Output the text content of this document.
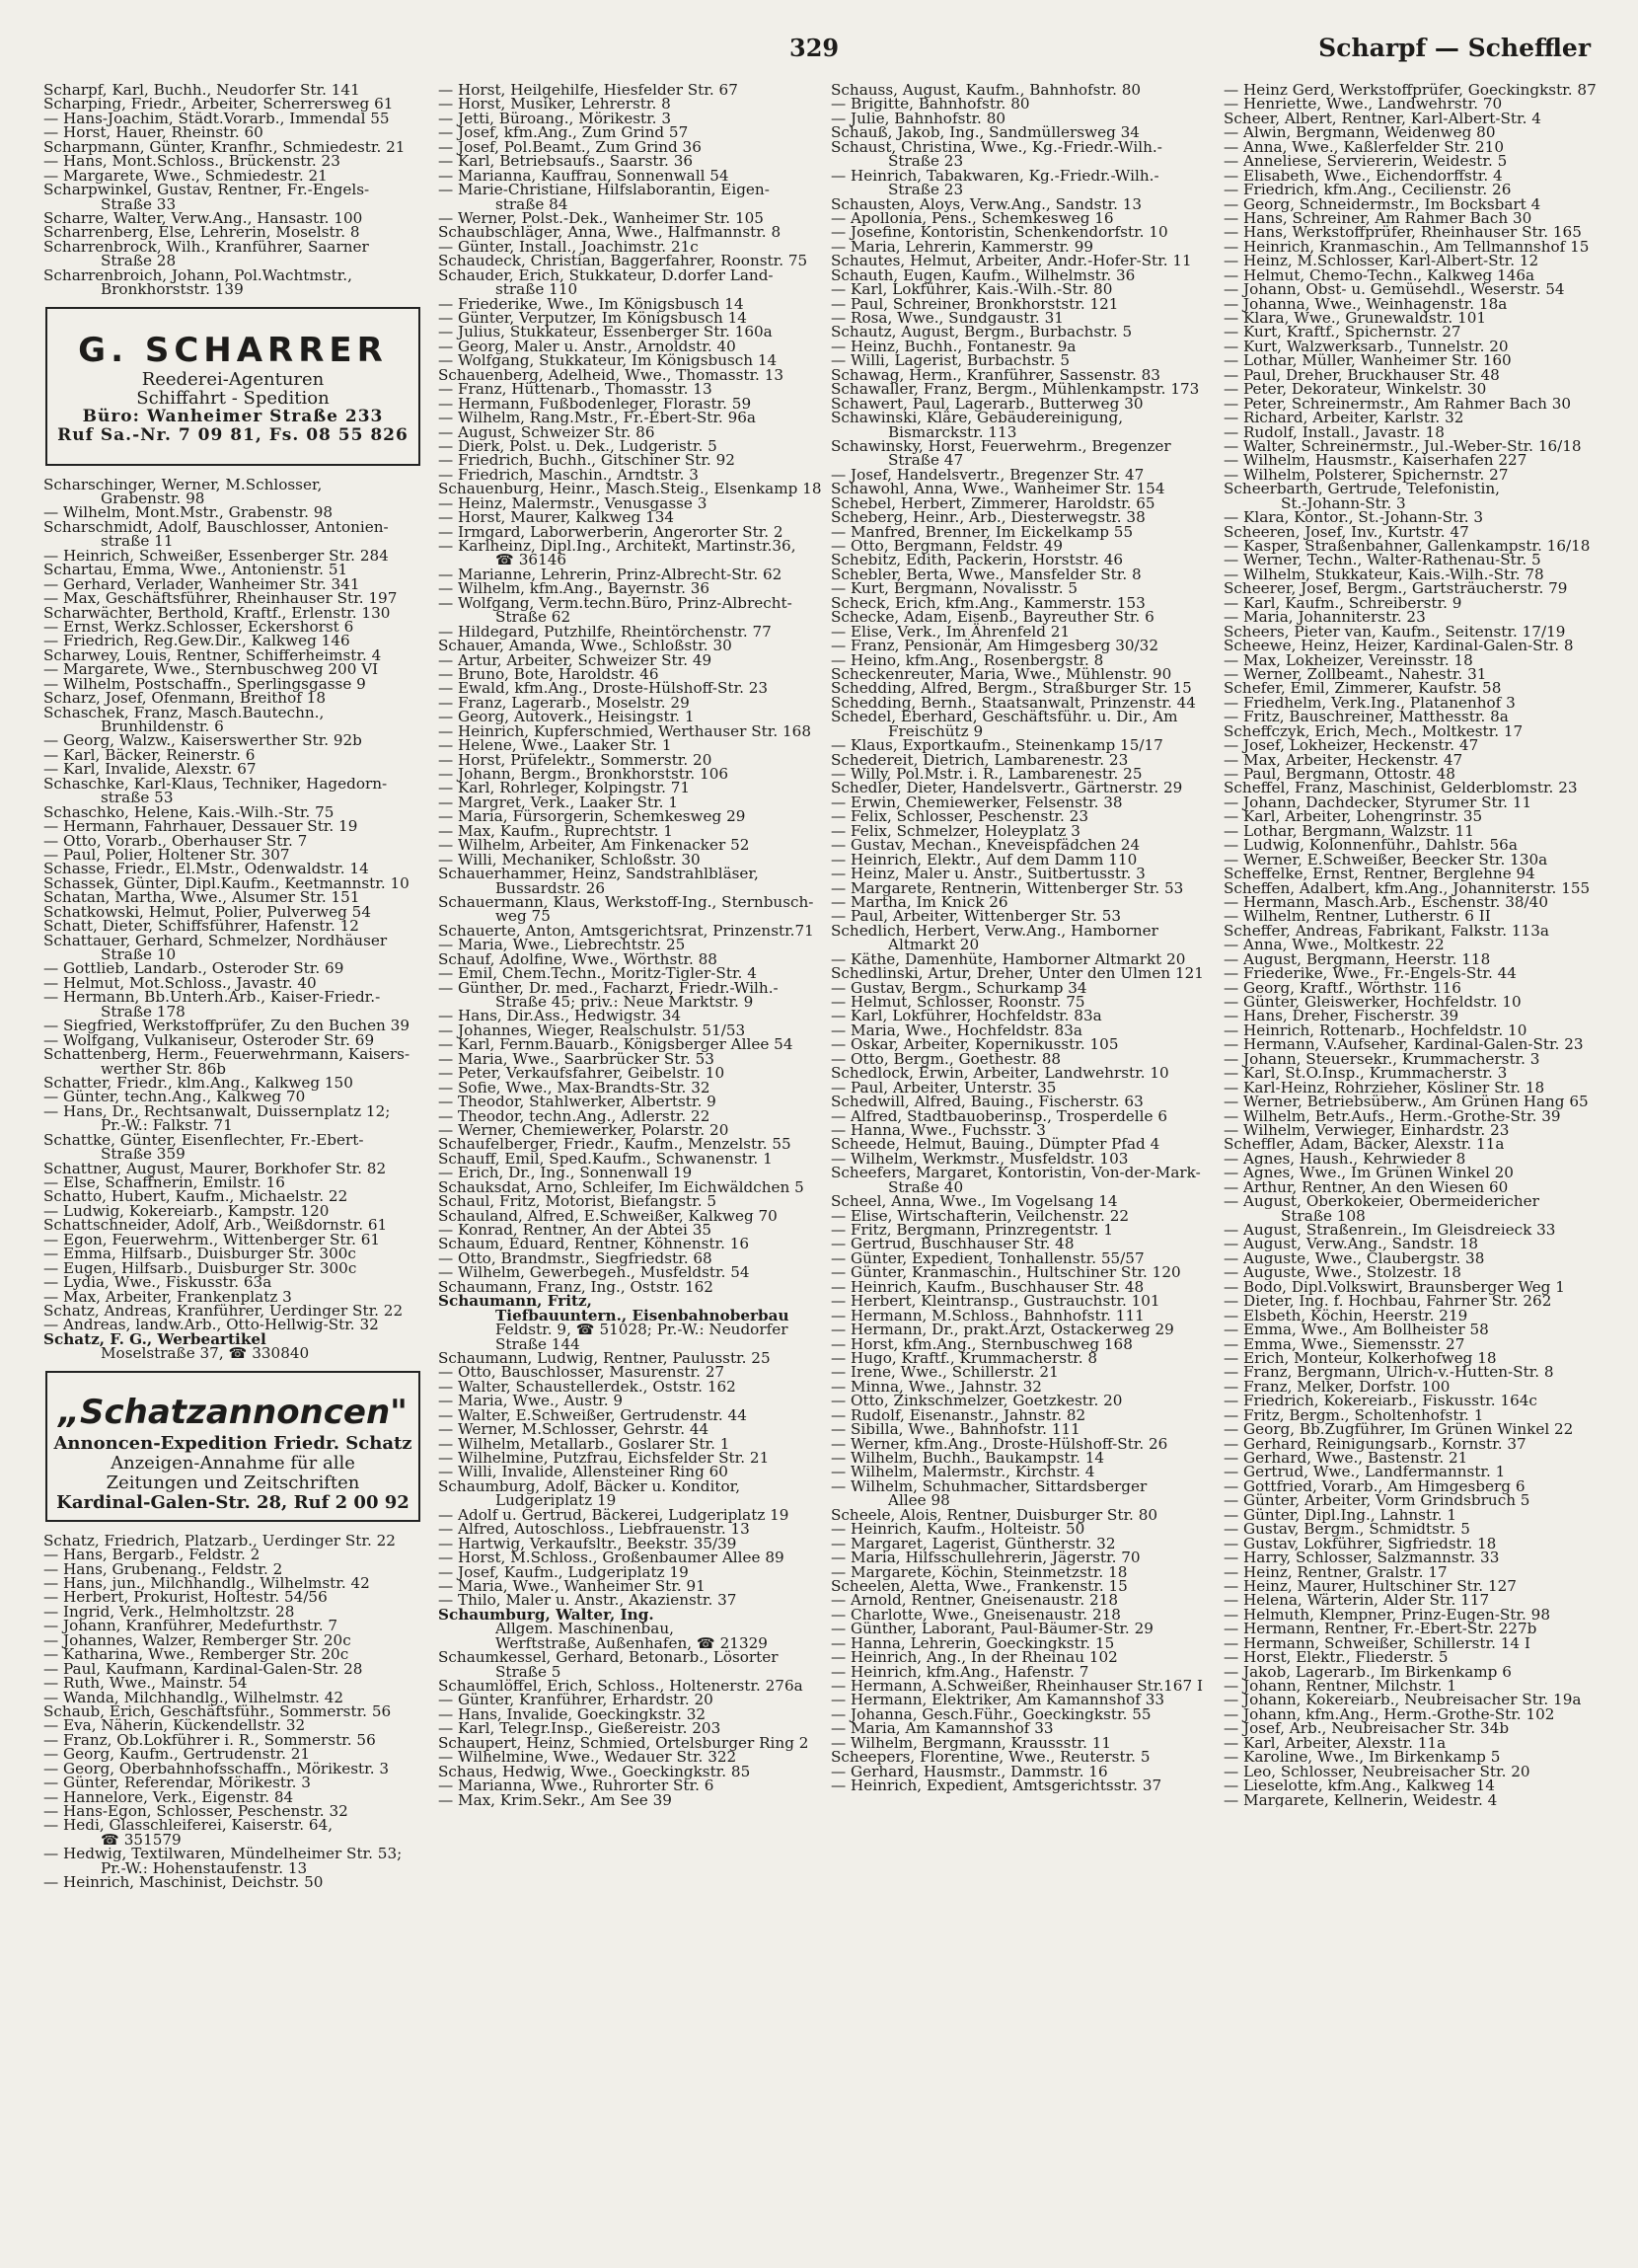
329	Scharpf — Scheffler
Scharpf, Karl, Buchh., Neudorfer Str. 141
Scharping, Friedr., Arbeiter, Scherrersweg 61
— Hans-Joachim, Städt.Vorarb., Immendal 55
— Horst, Hauer, Rheinstr. 60
Scharpmann, Günter, Kranfhr., Schmiedestr. 21
— Hans, Mont.Schloss., Brückenstr. 23
— Margarete, Wwe., Schmiedestr. 21
Scharpwinkel, Gustav, Rentner, Fr.-Engels-
Straße 33
Scharre, Walter, Verw.Ang., Hansastr. 100
Scharrenberg, Else, Lehrerin, Moselstr. 8
Scharrenbrock, Wilh., Kranführer, Saarner
Straße 28
Scharrenbroich, Johann, Pol.Wachtmstr.,
Bronkhorststr. 139
G. SCHARRER
Reederei-Agenturen
Schiffahrt - Spedition
Büro: Wanheimer Straße 233
Ruf Sa.-Nr. 7 09 81, Fs. 08 55 826
Scharschinger, Werner, M.Schlosser,
Grabenstr. 98
— Wilhelm, Mont.Mstr., Grabenstr. 98
Scharschmidt, Adolf, Bauschlosser, Antonien-
straße 11
— Heinrich, Schweißer, Essenberger Str. 284
Schartau, Emma, Wwe., Antonienstr. 51
— Gerhard, Verlader, Wanheimer Str. 341
— Max, Geschäftsführer, Rheinhauser Str. 197
Scharwächter, Berthold, Kraftf., Erlenstr. 130
— Ernst, Werkz.Schlosser, Eckershorst 6
— Friedrich, Reg.Gew.Dir., Kalkweg 146
Scharwey, Louis, Rentner, Schifferheimstr. 4
— Margarete, Wwe., Sternbuschweg 200 VI
— Wilhelm, Postschaffn., Sperlingsgasse 9
Scharz, Josef, Ofenmann, Breithof 18
Schaschek, Franz, Masch.Bautechn.,
Brunhildenstr. 6
— Georg, Walzw., Kaiserswerther Str. 92b
— Karl, Bäcker, Reinerstr. 6
— Karl, Invalide, Alexstr. 67
Schaschke, Karl-Klaus, Techniker, Hagedorn-
straße 53
Schaschko, Helene, Kais.-Wilh.-Str. 75
— Hermann, Fahrhauer, Dessauer Str. 19
— Otto, Vorarb., Oberhauser Str. 7
— Paul, Polier, Holtener Str. 307
Schasse, Friedr., El.Mstr., Odenwaldstr. 14
Schassek, Günter, Dipl.Kaufm., Keetmannstr. 10
Schatan, Martha, Wwe., Alsumer Str. 151
Schatkowski, Helmut, Polier, Pulverweg 54
Schatt, Dieter, Schiffsführer, Hafenstr. 12
Schattauer, Gerhard, Schmelzer, Nordhäuser
Straße 10
— Gottlieb, Landarb., Osteroder Str. 69
— Helmut, Mot.Schloss., Javastr. 40
— Hermann, Bb.Unterh.Arb., Kaiser-Friedr.-
Straße 178
— Siegfried, Werkstoffprüfer, Zu den Buchen 39
— Wolfgang, Vulkaniseur, Osteroder Str. 69
Schattenberg, Herm., Feuerwehrmann, Kaisers-
werther Str. 86b
Schatter, Friedr., klm.Ang., Kalkweg 150
— Günter, techn.Ang., Kalkweg 70
— Hans, Dr., Rechtsanwalt, Duissernplatz 12;
Pr.-W.: Falkstr. 71
Schattke, Günter, Eisenflechter, Fr.-Ebert-
Straße 359
Schattner, August, Maurer, Borkhofer Str. 82
— Else, Schaffnerin, Emilstr. 16
Schatto, Hubert, Kaufm., Michaelstr. 22
— Ludwig, Kokereiarb., Kampstr. 120
Schattschneider, Adolf, Arb., Weißdornstr. 61
— Egon, Feuerwehrm., Wittenberger Str. 61
— Emma, Hilfsarb., Duisburger Str. 300c
— Eugen, Hilfsarb., Duisburger Str. 300c
— Lydia, Wwe., Fiskusstr. 63a
— Max, Arbeiter, Frankenplatz 3
Schatz, Andreas, Kranführer, Uerdinger Str. 22
— Andreas, landw.Arb., Otto-Hellwig-Str. 32
Schatz, F. G., Werbeartikel
Moselstraße 37, ☎ 330840
„Schatzannoncen"
Annoncen-Expedition Friedr. Schatz
Anzeigen-Annahme für alle
Zeitungen und Zeitschriften
Kardinal-Galen-Str. 28, Ruf 2 00 92
Schatz, Friedrich, Platzarb., Uerdinger Str. 22
— Hans, Bergarb., Feldstr. 2
— Hans, Grubenang., Feldstr. 2
— Hans, jun., Milchhandlg., Wilhelmstr. 42
— Herbert, Prokurist, Holtestr. 54/56
— Ingrid, Verk., Helmholtzstr. 28
— Johann, Kranführer, Medefurthstr. 7
— Johannes, Walzer, Remberger Str. 20c
— Katharina, Wwe., Remberger Str. 20c
— Paul, Kaufmann, Kardinal-Galen-Str. 28
— Ruth, Wwe., Mainstr. 54
— Wanda, Milchhandlg., Wilhelmstr. 42
Schaub, Erich, Geschäftsführ., Sommerstr. 56
— Eva, Näherin, Kückendellstr. 32
— Franz, Ob.Lokführer i. R., Sommerstr. 56
— Georg, Kaufm., Gertrudenstr. 21
— Georg, Oberbahnhofsschaffn., Mörikestr. 3
— Günter, Referendar, Mörikestr. 3
— Hannelore, Verk., Eigenstr. 84
— Hans-Egon, Schlosser, Peschenstr. 32
— Hedi, Glasschleiferei, Kaiserstr. 64,
☎ 351579
— Hedwig, Textilwaren, Mündelheimer Str. 53;
Pr.-W.: Hohenstaufenstr. 13
— Heinrich, Maschinist, Deichstr. 50
— Horst, Heilgehilfe, Hiesfelder Str. 67
— Horst, Musiker, Lehrerstr. 8
— Jetti, Büroang., Mörikestr. 3
— Josef, kfm.Ang., Zum Grind 57
— Josef, Pol.Beamt., Zum Grind 36
— Karl, Betriebsaufs., Saarstr. 36
— Marianna, Kauffrau, Sonnenwall 54
— Marie-Christiane, Hilfslaborantin, Eigen-
straße 84
— Werner, Polst.-Dek., Wanheimer Str. 105
Schaubschläger, Anna, Wwe., Halfmannstr. 8
— Günter, Install., Joachimstr. 21c
Schaudeck, Christian, Baggerfahrer, Roonstr. 75
Schauder, Erich, Stukkateur, D.dorfer Land-
straße 110
— Friederike, Wwe., Im Königsbusch 14
— Günter, Verputzer, Im Königsbusch 14
— Julius, Stukkateur, Essenberger Str. 160a
— Georg, Maler u. Anstr., Arnoldstr. 40
— Wolfgang, Stukkateur, Im Königsbusch 14
Schauenberg, Adelheid, Wwe., Thomasstr. 13
— Franz, Hüttenarb., Thomasstr. 13
— Hermann, Fußbodenleger, Florastr. 59
— Wilhelm, Rang.Mstr., Fr.-Ebert-Str. 96a
— August, Schweizer Str. 86
— Dierk, Polst. u. Dek., Ludgeristr. 5
— Friedrich, Buchh., Gitschiner Str. 92
— Friedrich, Maschin., Arndtstr. 3
Schauenburg, Heinr., Masch.Steig., Elsenkamp 18
— Heinz, Malermstr., Venusgasse 3
— Horst, Maurer, Kalkweg 134
— Irmgard, Laborwerberin, Angerorter Str. 2
— Karlheinz, Dipl.Ing., Architekt, Martinstr.36,
☎ 36146
— Marianne, Lehrerin, Prinz-Albrecht-Str. 62
— Wilhelm, kfm.Ang., Bayernstr. 36
— Wolfgang, Verm.techn.Büro, Prinz-Albrecht-
Straße 62
— Hildegard, Putzhilfe, Rheintörchenstr. 77
Schauer, Amanda, Wwe., Schloßstr. 30
— Artur, Arbeiter, Schweizer Str. 49
— Bruno, Bote, Haroldstr. 46
— Ewald, kfm.Ang., Droste-Hülshoff-Str. 23
— Franz, Lagerarb., Moselstr. 29
— Georg, Autoverk., Heisingstr. 1
— Heinrich, Kupferschmied, Werthauser Str. 168
— Helene, Wwe., Laaker Str. 1
— Horst, Prüfelektr., Sommerstr. 20
— Johann, Bergm., Bronkhorststr. 106
— Karl, Rohrleger, Kolpingstr. 71
— Margret, Verk., Laaker Str. 1
— Maria, Fürsorgerin, Schemkesweg 29
— Max, Kaufm., Ruprechtstr. 1
— Wilhelm, Arbeiter, Am Finkenacker 52
— Willi, Mechaniker, Schloßstr. 30
Schauerhammer, Heinz, Sandstrahlbläser,
Bussardstr. 26
Schauermann, Klaus, Werkstoff-Ing., Sternbusch-
weg 75
Schauerte, Anton, Amtsgerichtsrat, Prinzenstr.71
— Maria, Wwe., Liebrechtstr. 25
Schauf, Adolfine, Wwe., Wörthstr. 88
— Emil, Chem.Techn., Moritz-Tigler-Str. 4
— Günther, Dr. med., Facharzt, Friedr.-Wilh.-
Straße 45; priv.: Neue Marktstr. 9
— Hans, Dir.Ass., Hedwigstr. 34
— Johannes, Wieger, Realschulstr. 51/53
— Karl, Fernm.Bauarb., Königsberger Allee 54
— Maria, Wwe., Saarbrücker Str. 53
— Peter, Verkaufsfahrer, Geibelstr. 10
— Sofie, Wwe., Max-Brandts-Str. 32
— Theodor, Stahlwerker, Albertstr. 9
— Theodor, techn.Ang., Adlerstr. 22
— Werner, Chemiewerker, Polarstr. 20
Schaufelberger, Friedr., Kaufm., Menzelstr. 55
Schauff, Emil, Sped.Kaufm., Schwanenstr. 1
— Erich, Dr., Ing., Sonnenwall 19
Schauksdat, Arno, Schleifer, Im Eichwäldchen 5
Schaul, Fritz, Motorist, Biefangstr. 5
Schauland, Alfred, E.Schweißer, Kalkweg 70
— Konrad, Rentner, An der Abtei 35
Schaum, Eduard, Rentner, Köhnenstr. 16
— Otto, Brandmstr., Siegfriedstr. 68
— Wilhelm, Gewerbegeh., Musfeldstr. 54
Schaumann, Franz, Ing., Oststr. 162
Schaumann, Fritz,
Tiefbauuntern., Eisenbahnoberbau
Feldstr. 9, ☎ 51028; Pr.-W.: Neudorfer
Straße 144
Schaumann, Ludwig, Rentner, Paulusstr. 25
— Otto, Bauschlosser, Masurenstr. 27
— Walter, Schaustellerdek., Oststr. 162
— Maria, Wwe., Austr. 9
— Walter, E.Schweißer, Gertrudenstr. 44
— Werner, M.Schlosser, Gehrstr. 44
— Wilhelm, Metallarb., Goslarer Str. 1
— Wilhelmine, Putzfrau, Eichsfelder Str. 21
— Willi, Invalide, Allensteiner Ring 60
Schaumburg, Adolf, Bäcker u. Konditor,
Ludgeriplatz 19
— Adolf u. Gertrud, Bäckerei, Ludgeriplatz 19
— Alfred, Autoschloss., Liebfrauenstr. 13
— Hartwig, Verkaufsltr., Beekstr. 35/39
— Horst, M.Schloss., Großenbaumer Allee 89
— Josef, Kaufm., Ludgeriplatz 19
— Maria, Wwe., Wanheimer Str. 91
— Thilo, Maler u. Anstr., Akazienstr. 37
Schaumburg, Walter, Ing.
Allgem. Maschinenbau,
Werftstraße, Außenhafen, ☎ 21329
Schaumkessel, Gerhard, Betonarb., Lösorter
Straße 5
Schaumlöffel, Erich, Schloss., Holtenerstr. 276a
— Günter, Kranführer, Erhardstr. 20
— Hans, Invalide, Goeckingkstr. 32
— Karl, Telegr.Insp., Gießereistr. 203
Schaupert, Heinz, Schmied, Ortelsburger Ring 2
— Wilhelmine, Wwe., Wedauer Str. 322
Schaus, Hedwig, Wwe., Goeckingkstr. 85
— Marianna, Wwe., Ruhrorter Str. 6
— Max, Krim.Sekr., Am See 39
Schauss, August, Kaufm., Bahnhofstr. 80
— Brigitte, Bahnhofstr. 80
— Julie, Bahnhofstr. 80
Schauß, Jakob, Ing., Sandmüllersweg 34
Schaust, Christina, Wwe., Kg.-Friedr.-Wilh.-
Straße 23
— Heinrich, Tabakwaren, Kg.-Friedr.-Wilh.-
Straße 23
Schausten, Aloys, Verw.Ang., Sandstr. 13
— Apollonia, Pens., Schemkesweg 16
— Josefine, Kontoristin, Schenkendorfstr. 10
— Maria, Lehrerin, Kammerstr. 99
Schautes, Helmut, Arbeiter, Andr.-Hofer-Str. 11
Schauth, Eugen, Kaufm., Wilhelmstr. 36
— Karl, Lokführer, Kais.-Wilh.-Str. 80
— Paul, Schreiner, Bronkhorststr. 121
— Rosa, Wwe., Sundgaustr. 31
Schautz, August, Bergm., Burbachstr. 5
— Heinz, Buchh., Fontanestr. 9a
— Willi, Lagerist, Burbachstr. 5
Schawag, Herm., Kranführer, Sassenstr. 83
Schawaller, Franz, Bergm., Mühlenkampstr. 173
Schawert, Paul, Lagerarb., Butterweg 30
Schawinski, Kläre, Gebäudereinigung,
Bismarckstr. 113
Schawinsky, Horst, Feuerwehrm., Bregenzer
Straße 47
— Josef, Handelsvertr., Bregenzer Str. 47
Schawohl, Anna, Wwe., Wanheimer Str. 154
Schebel, Herbert, Zimmerer, Haroldstr. 65
Scheberg, Heinr., Arb., Diesterwegstr. 38
— Manfred, Brenner, Im Eickelkamp 55
— Otto, Bergmann, Feldstr. 49
Schebitz, Edith, Packerin, Horststr. 46
Schebler, Berta, Wwe., Mansfelder Str. 8
— Kurt, Bergmann, Novalisstr. 5
Scheck, Erich, kfm.Ang., Kammerstr. 153
Schecke, Adam, Eisenb., Bayreuther Str. 6
— Elise, Verk., Im Ährenfeld 21
— Franz, Pensionär, Am Himgesberg 30/32
— Heino, kfm.Ang., Rosenbergstr. 8
Scheckenreuter, Maria, Wwe., Mühlenstr. 90
Schedding, Alfred, Bergm., Straßburger Str. 15
Schedding, Bernh., Staatsanwalt, Prinzenstr. 44
Schedel, Eberhard, Geschäftsführ. u. Dir., Am
Freischütz 9
— Klaus, Exportkaufm., Steinenkamp 15/17
Schedereit, Dietrich, Lambarenestr. 23
— Willy, Pol.Mstr. i. R., Lambarenestr. 25
Schedler, Dieter, Handelsvertr., Gärtnerstr. 29
— Erwin, Chemiewerker, Felsenstr. 38
— Felix, Schlosser, Peschenstr. 23
— Felix, Schmelzer, Holeyplatz 3
— Gustav, Mechan., Kneveispfädchen 24
— Heinrich, Elektr., Auf dem Damm 110
— Heinz, Maler u. Anstr., Suitbertusstr. 3
— Margarete, Rentnerin, Wittenberger Str. 53
— Martha, Im Knick 26
— Paul, Arbeiter, Wittenberger Str. 53
Schedlich, Herbert, Verw.Ang., Hamborner
Altmarkt 20
— Käthe, Damenhüte, Hamborner Altmarkt 20
Schedlinski, Artur, Dreher, Unter den Ulmen 121
— Gustav, Bergm., Schurkamp 34
— Helmut, Schlosser, Roonstr. 75
— Karl, Lokführer, Hochfeldstr. 83a
— Maria, Wwe., Hochfeldstr. 83a
— Oskar, Arbeiter, Kopernikusstr. 105
— Otto, Bergm., Goethestr. 88
Schedlock, Erwin, Arbeiter, Landwehrstr. 10
— Paul, Arbeiter, Unterstr. 35
Schedwill, Alfred, Bauing., Fischerstr. 63
— Alfred, Stadtbauoberinsp., Trosperdelle 6
— Hanna, Wwe., Fuchsstr. 3
Scheede, Helmut, Bauing., Dümpter Pfad 4
— Wilhelm, Werkmstr., Musfeldstr. 103
Scheefers, Margaret, Kontoristin, Von-der-Mark-
Straße 40
Scheel, Anna, Wwe., Im Vogelsang 14
— Elise, Wirtschafterin, Veilchenstr. 22
— Fritz, Bergmann, Prinzregentstr. 1
— Gertrud, Buschhauser Str. 48
— Günter, Expedient, Tonhallenstr. 55/57
— Günter, Kranmaschin., Hultschiner Str. 120
— Heinrich, Kaufm., Buschhauser Str. 48
— Herbert, Kleintransp., Gustrauchstr. 101
— Hermann, M.Schloss., Bahnhofstr. 111
— Hermann, Dr., prakt.Arzt, Ostackerweg 29
— Horst, kfm.Ang., Sternbuschweg 168
— Hugo, Kraftf., Krummacherstr. 8
— Irene, Wwe., Schillerstr. 21
— Minna, Wwe., Jahnstr. 32
— Otto, Zinkschmelzer, Goetzkestr. 20
— Rudolf, Eisenanstr., Jahnstr. 82
— Sibilla, Wwe., Bahnhofstr. 111
— Werner, kfm.Ang., Droste-Hülshoff-Str. 26
— Wilhelm, Buchh., Baukampstr. 14
— Wilhelm, Malermstr., Kirchstr. 4
— Wilhelm, Schuhmacher, Sittardsberger
Allee 98
Scheele, Alois, Rentner, Duisburger Str. 80
— Heinrich, Kaufm., Holteistr. 50
— Margaret, Lagerist, Güntherstr. 32
— Maria, Hilfsschullehrerin, Jägerstr. 70
— Margarete, Köchin, Steinmetzstr. 18
Scheelen, Aletta, Wwe., Frankenstr. 15
— Arnold, Rentner, Gneisenaustr. 218
— Charlotte, Wwe., Gneisenaustr. 218
— Günther, Laborant, Paul-Bäumer-Str. 29
— Hanna, Lehrerin, Goeckingkstr. 15
— Heinrich, Ang., In der Rheinau 102
— Heinrich, kfm.Ang., Hafenstr. 7
— Hermann, A.Schweißer, Rheinhauser Str.167 I
— Hermann, Elektriker, Am Kamannshof 33
— Johanna, Gesch.Führ., Goeckingkstr. 55
— Maria, Am Kamannshof 33
— Wilhelm, Bergmann, Kraussstr. 11
Scheepers, Florentine, Wwe., Reuterstr. 5
— Gerhard, Hausmstr., Dammstr. 16
— Heinrich, Expedient, Amtsgerichtsstr. 37
— Heinz Gerd, Werkstoffprüfer, Goeckingkstr. 87
— Henriette, Wwe., Landwehrstr. 70
Scheer, Albert, Rentner, Karl-Albert-Str. 4
— Alwin, Bergmann, Weidenweg 80
— Anna, Wwe., Kaßlerfelder Str. 210
— Anneliese, Serviererin, Weidestr. 5
— Elisabeth, Wwe., Eichendorffstr. 4
— Friedrich, kfm.Ang., Cecilienstr. 26
— Georg, Schneidermstr., Im Bocksbart 4
— Hans, Schreiner, Am Rahmer Bach 30
— Hans, Werkstoffprüfer, Rheinhauser Str. 165
— Heinrich, Kranmaschin., Am Tellmannshof 15
— Heinz, M.Schlosser, Karl-Albert-Str. 12
— Helmut, Chemo-Techn., Kalkweg 146a
— Johann, Obst- u. Gemüsehdl., Weserstr. 54
— Johanna, Wwe., Weinhagenstr. 18a
— Klara, Wwe., Grunewaldstr. 101
— Kurt, Kraftf., Spichernstr. 27
— Kurt, Walzwerksarb., Tunnelstr. 20
— Lothar, Müller, Wanheimer Str. 160
— Paul, Dreher, Bruckhauser Str. 48
— Peter, Dekorateur, Winkelstr. 30
— Peter, Schreinermstr., Am Rahmer Bach 30
— Richard, Arbeiter, Karlstr. 32
— Rudolf, Install., Javastr. 18
— Walter, Schreinermstr., Jul.-Weber-Str. 16/18
— Wilhelm, Hausmstr., Kaiserhafen 227
— Wilhelm, Polsterer, Spichernstr. 27
Scheerbarth, Gertrude, Telefonistin,
St.-Johann-Str. 3
— Klara, Kontor., St.-Johann-Str. 3
Scheeren, Josef, Inv., Kurtstr. 47
— Kasper, Straßenbahner, Gallenkampstr. 16/18
— Werner, Techn., Walter-Rathenau-Str. 5
— Wilhelm, Stukkateur, Kais.-Wilh.-Str. 78
Scheerer, Josef, Bergm., Gartsträucherstr. 79
— Karl, Kaufm., Schreiberstr. 9
— Maria, Johanniterstr. 23
Scheers, Pieter van, Kaufm., Seitenstr. 17/19
Scheewe, Heinz, Heizer, Kardinal-Galen-Str. 8
— Max, Lokheizer, Vereinsstr. 18
— Werner, Zollbeamt., Nahestr. 31
Schefer, Emil, Zimmerer, Kaufstr. 58
— Friedhelm, Verk.Ing., Platanenhof 3
— Fritz, Bauschreiner, Matthesstr. 8a
Scheffczyk, Erich, Mech., Moltkestr. 17
— Josef, Lokheizer, Heckenstr. 47
— Max, Arbeiter, Heckenstr. 47
— Paul, Bergmann, Ottostr. 48
Scheffel, Franz, Maschinist, Gelderblomstr. 23
— Johann, Dachdecker, Styrumer Str. 11
— Karl, Arbeiter, Lohengrinstr. 35
— Lothar, Bergmann, Walzstr. 11
— Ludwig, Kolonnenführ., Dahlstr. 56a
— Werner, E.Schweißer, Beecker Str. 130a
Scheffelke, Ernst, Rentner, Berglehne 94
Scheffen, Adalbert, kfm.Ang., Johanniterstr. 155
— Hermann, Masch.Arb., Eschenstr. 38/40
— Wilhelm, Rentner, Lutherstr. 6 II
Scheffer, Andreas, Fabrikant, Falkstr. 113a
— Anna, Wwe., Moltkestr. 22
— August, Bergmann, Heerstr. 118
— Friederike, Wwe., Fr.-Engels-Str. 44
— Georg, Kraftf., Wörthstr. 116
— Günter, Gleiswerker, Hochfeldstr. 10
— Hans, Dreher, Fischerstr. 39
— Heinrich, Rottenarb., Hochfeldstr. 10
— Hermann, V.Aufseher, Kardinal-Galen-Str. 23
— Johann, Steuersekr., Krummacherstr. 3
— Karl, St.O.Insp., Krummacherstr. 3
— Karl-Heinz, Rohrzieher, Kösliner Str. 18
— Werner, Betriebsüberw., Am Grünen Hang 65
— Wilhelm, Betr.Aufs., Herm.-Grothe-Str. 39
— Wilhelm, Verwieger, Einhardstr. 23
Scheffler, Adam, Bäcker, Alexstr. 11a
— Agnes, Haush., Kehrwieder 8
— Agnes, Wwe., Im Grünen Winkel 20
— Arthur, Rentner, An den Wiesen 60
— August, Oberkokeier, Obermeidericher
Straße 108
— August, Straßenrein., Im Gleisdreieck 33
— August, Verw.Ang., Sandstr. 18
— Auguste, Wwe., Claubergstr. 38
— Auguste, Wwe., Stolzestr. 18
— Bodo, Dipl.Volkswirt, Braunsberger Weg 1
— Dieter, Ing. f. Hochbau, Fahrner Str. 262
— Elsbeth, Köchin, Heerstr. 219
— Emma, Wwe., Am Bollheister 58
— Emma, Wwe., Siemensstr. 27
— Erich, Monteur, Kolkerhofweg 18
— Franz, Bergmann, Ulrich-v.-Hutten-Str. 8
— Franz, Melker, Dorfstr. 100
— Friedrich, Kokereiarb., Fiskusstr. 164c
— Fritz, Bergm., Scholtenhofstr. 1
— Georg, Bb.Zugführer, Im Grünen Winkel 22
— Gerhard, Reinigungsarb., Kornstr. 37
— Gerhard, Wwe., Bastenstr. 21
— Gertrud, Wwe., Landfermannstr. 1
— Gottfried, Vorarb., Am Himgesberg 6
— Günter, Arbeiter, Vorm Grindsbruch 5
— Günter, Dipl.Ing., Lahnstr. 1
— Gustav, Bergm., Schmidtstr. 5
— Gustav, Lokführer, Sigfriedstr. 18
— Harry, Schlosser, Salzmannstr. 33
— Heinz, Rentner, Gralstr. 17
— Heinz, Maurer, Hultschiner Str. 127
— Helena, Wärterin, Alder Str. 117
— Helmuth, Klempner, Prinz-Eugen-Str. 98
— Hermann, Rentner, Fr.-Ebert-Str. 227b
— Hermann, Schweißer, Schillerstr. 14 I
— Horst, Elektr., Fliederstr. 5
— Jakob, Lagerarb., Im Birkenkamp 6
— Johann, Rentner, Milchstr. 1
— Johann, Kokereiarb., Neubreisacher Str. 19a
— Johann, kfm.Ang., Herm.-Grothe-Str. 102
— Josef, Arb., Neubreisacher Str. 34b
— Karl, Arbeiter, Alexstr. 11a
— Karoline, Wwe., Im Birkenkamp 5
— Leo, Schlosser, Neubreisacher Str. 20
— Lieselotte, kfm.Ang., Kalkweg 14
— Margarete, Kellnerin, Weidestr. 4
